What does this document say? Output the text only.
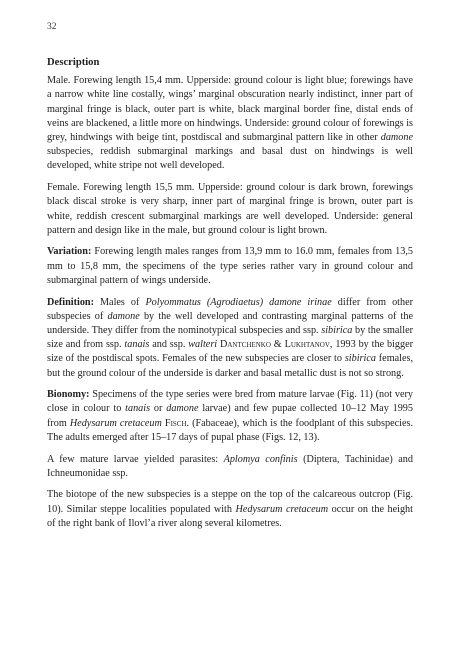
32
Description

Male. Forewing length 15,4 mm. Upperside: ground colour is light blue; forewings have a narrow white line costally, wings’ marginal obscuration nearly indistinct, inner part of marginal fringe is black, outer part is white, black marginal border fine, distal ends of veins are blackened, a little more on hindwings. Underside: ground colour of forewings is grey, hindwings with beige tint, postdiscal and submarginal pattern like in other damone subspecies, reddish submarginal markings and basal dust on hindwings is well developed, white stripe not well developed.

Female. Forewing length 15,5 mm. Upperside: ground colour is dark brown, forewings black discal stroke is very sharp, inner part of marginal fringe is brown, outer part is white, reddish crescent submarginal markings are well developed. Underside: general pattern and design like in the male, but ground colour is light brown.

Variation: Forewing length males ranges from 13,9 mm to 16.0 mm, females from 13,5 mm to 15,8 mm, the specimens of the type series rather vary in ground colour and submarginal pattern of wings underside.

Definition: Males of Polyommatus (Agrodiaetus) damone irinae differ from other subspecies of damone by the well developed and contrasting marginal patterns of the underside. They differ from the nominotypical subspecies and ssp. sibirica by the smaller size and from ssp. tanais and ssp. walteri Dantchenko & Lukhtanov, 1993 by the bigger size of the postdiscal spots. Females of the new subspecies are closer to sibirica females, but the ground colour of the underside is darker and basal metallic dust is not so strong.

Bionomy: Specimens of the type series were bred from mature larvae (Fig. 11) (not very close in colour to tanais or damone larvae) and few pupae collected 10–12 May 1995 from Hedysarum cretaceum Fisch. (Fabaceae), which is the foodplant of this subspecies. The adults emerged after 15–17 days of pupal phase (Figs. 12, 13).

A few mature larvae yielded parasites: Aplomya confinis (Diptera, Tachinidae) and Ichneumonidae ssp.

The biotope of the new subspecies is a steppe on the top of the calcareous outcrop (Fig. 10). Similar steppe localities populated with Hedysarum cretaceum occur on the height of the right bank of Ilovl’a river along several kilometres.
